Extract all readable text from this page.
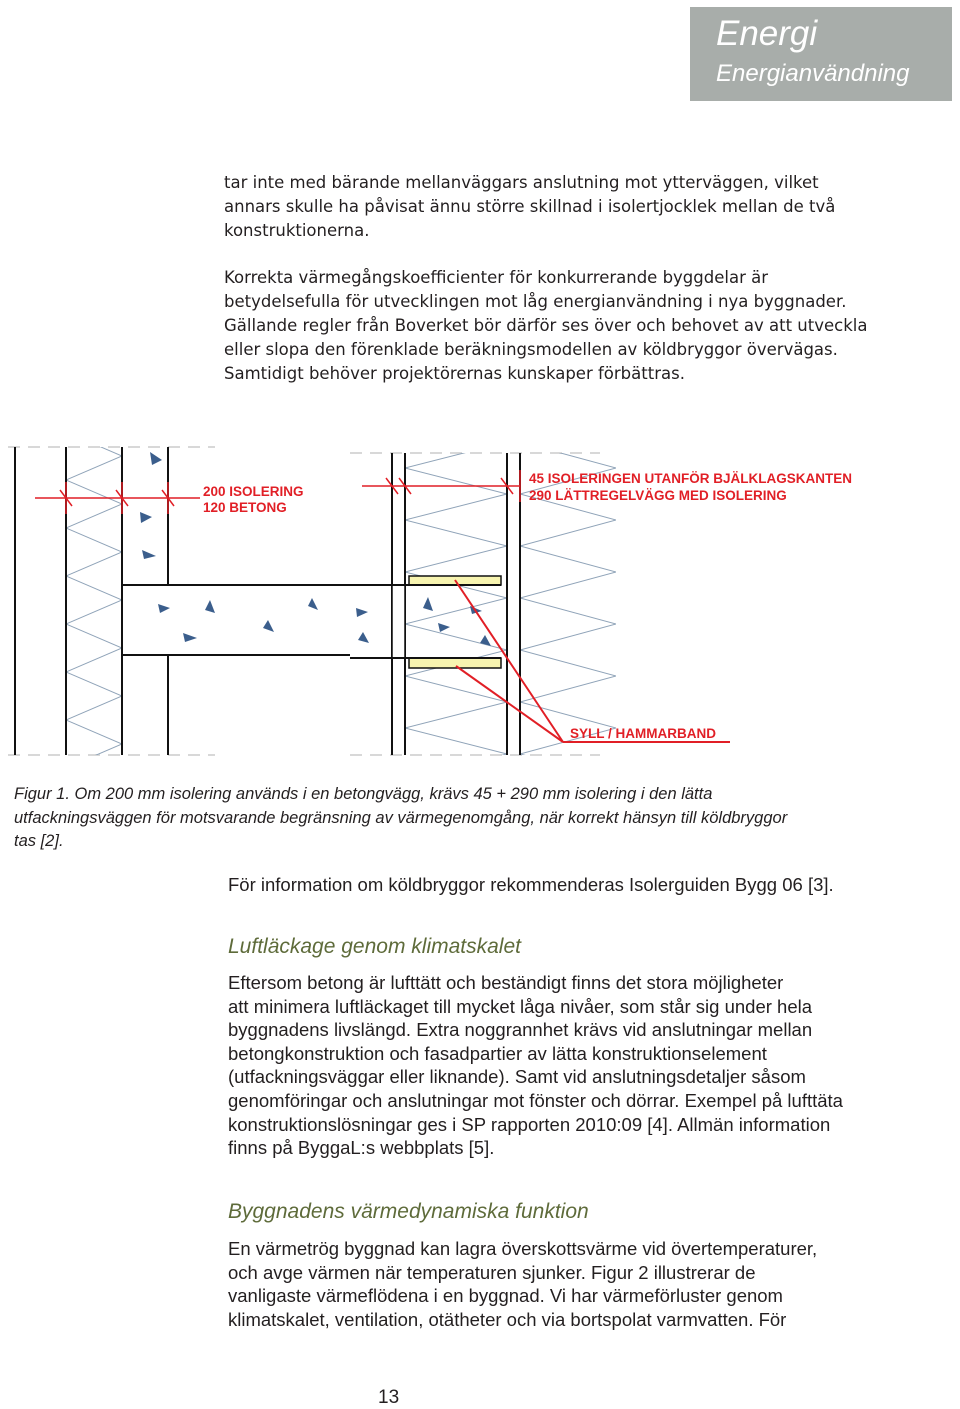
Energi
Energianvändning

tar inte med bärande mellanväggars anslutning mot ytterväggen, vilket
annars skulle ha påvisat ännu större skillnad i isolertjocklek mellan de två
konstruktionerna.

Korrekta värmegångskoefficienter för konkurrerande byggdelar är
betydelsefulla för utvecklingen mot låg energianvändning i nya byggnader.
Gällande regler från Boverket bör därför ses över och behovet av att utveckla
eller slopa den förenklade beräkningsmodellen av köldbryggor övervägas.
Samtidigt behöver projektörernas kunskaper förbättras.

200 ISOLERING
120 BETONG
45 ISOLERINGEN UTANFÖR BJÄLKLAGSKANTEN
290 LÄTTREGELVÄGG MED ISOLERING
SYLL / HAMMARBAND

Figur 1. Om 200 mm isolering används i en betongvägg, krävs 45 + 290 mm isolering i den lätta
utfackningsväggen för motsvarande begränsning av värmegenomgång, när korrekt hänsyn till köldbryggor
tas [2].

För information om köldbryggor rekommenderas Isolerguiden Bygg 06 [3].

Luftläckage genom klimatskalet

Eftersom betong är lufttätt och beständigt finns det stora möjligheter
att minimera luftläckaget till mycket låga nivåer, som står sig under hela
byggnadens livslängd. Extra noggrannhet krävs vid anslutningar mellan
betongkonstruktion och fasadpartier av lätta konstruktionselement
(utfackningsväggar eller liknande). Samt vid anslutningsdetaljer såsom
genomföringar och anslutningar mot fönster och dörrar. Exempel på lufttäta
konstruktionslösningar ges i SP rapporten 2010:09 [4]. Allmän information
finns på ByggaL:s webbplats [5].

Byggnadens värmedynamiska funktion

En värmetrög byggnad kan lagra överskottsvärme vid övertemperaturer,
och avge värmen när temperaturen sjunker. Figur 2 illustrerar de
vanligaste värmeflödena i en byggnad. Vi har värmeförluster genom
klimatskalet, ventilation, otätheter och via bortspolat varmvatten. För

13
